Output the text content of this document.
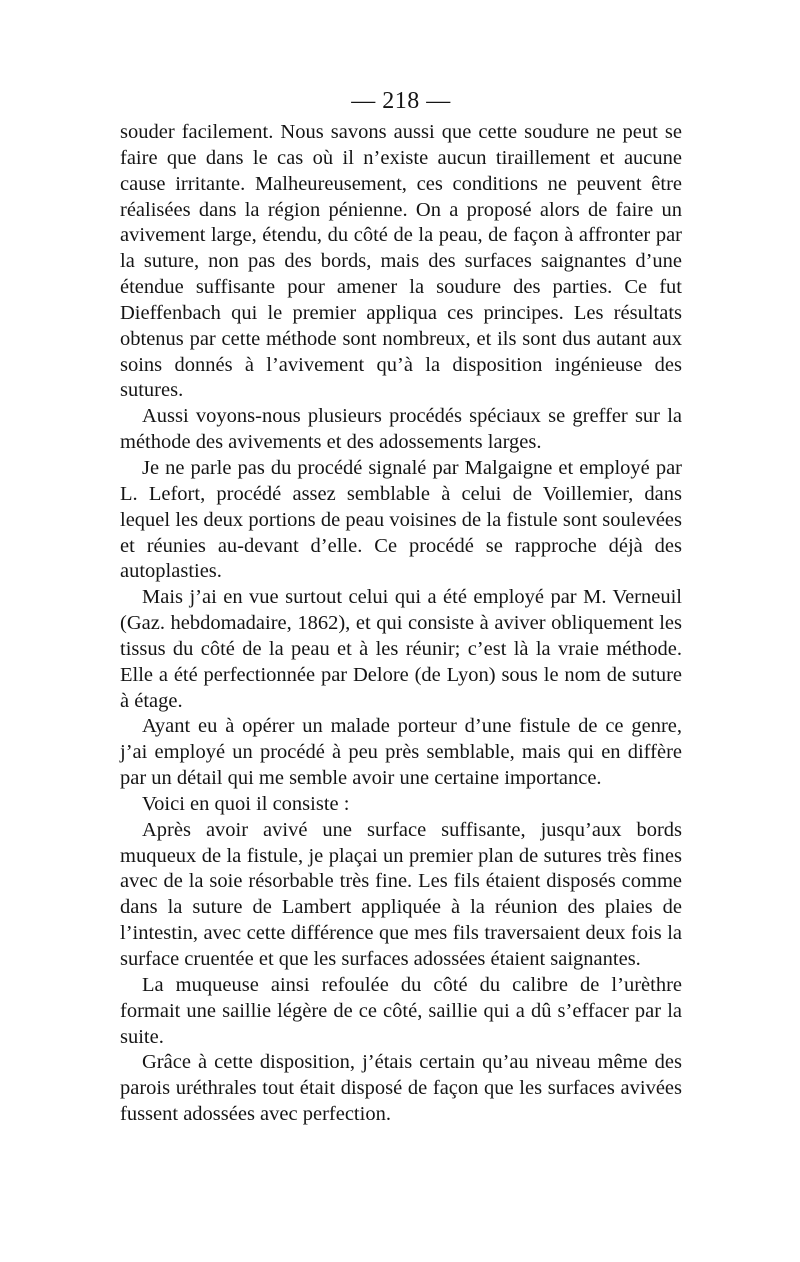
— 218 —

souder facilement. Nous savons aussi que cette soudure ne peut se faire que dans le cas où il n’existe aucun tiraillement et aucune cause irritante. Malheureusement, ces conditions ne peuvent être réalisées dans la région pénienne. On a proposé alors de faire un avivement large, étendu, du côté de la peau, de façon à affronter par la suture, non pas des bords, mais des surfaces saignantes d’une étendue suffisante pour amener la soudure des parties. Ce fut Dieffenbach qui le premier appliqua ces principes. Les résultats obtenus par cette méthode sont nombreux, et ils sont dus autant aux soins donnés à l’avivement qu’à la disposition ingénieuse des sutures.

Aussi voyons-nous plusieurs procédés spéciaux se greffer sur la méthode des avivements et des adossements larges.

Je ne parle pas du procédé signalé par Malgaigne et employé par L. Lefort, procédé assez semblable à celui de Voillemier, dans lequel les deux portions de peau voisines de la fistule sont soulevées et réunies au-devant d’elle. Ce procédé se rapproche déjà des autoplasties.

Mais j’ai en vue surtout celui qui a été employé par M. Verneuil (Gaz. hebdomadaire, 1862), et qui consiste à aviver obliquement les tissus du côté de la peau et à les réunir; c’est là la vraie méthode. Elle a été perfectionnée par Delore (de Lyon) sous le nom de suture à étage.

Ayant eu à opérer un malade porteur d’une fistule de ce genre, j’ai employé un procédé à peu près semblable, mais qui en diffère par un détail qui me semble avoir une certaine importance.

Voici en quoi il consiste :

Après avoir avivé une surface suffisante, jusqu’aux bords muqueux de la fistule, je plaçai un premier plan de sutures très fines avec de la soie résorbable très fine. Les fils étaient disposés comme dans la suture de Lambert appliquée à la réunion des plaies de l’intestin, avec cette différence que mes fils traversaient deux fois la surface cruentée et que les surfaces adossées étaient saignantes.

La muqueuse ainsi refoulée du côté du calibre de l’urèthre formait une saillie légère de ce côté, saillie qui a dû s’effacer par la suite.

Grâce à cette disposition, j’étais certain qu’au niveau même des parois uréthrales tout était disposé de façon que les surfaces avivées fussent adossées avec perfection.
